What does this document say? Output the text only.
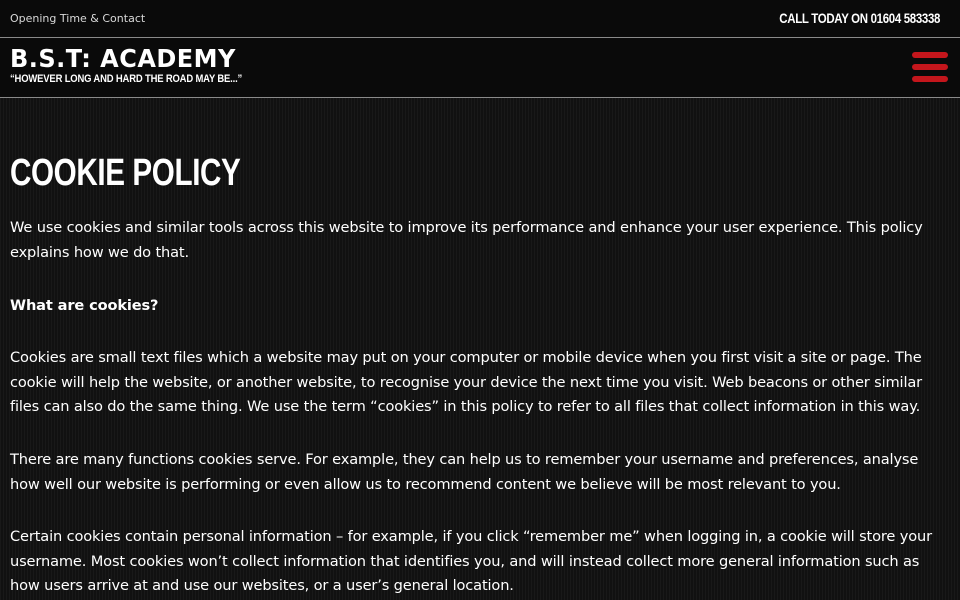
Opening Time & Contact	CALL TODAY ON 01604 583338
B.S.T: ACADEMY
“HOWEVER LONG AND HARD THE ROAD MAY BE...”
COOKIE POLICY

We use cookies and similar tools across this website to improve its performance and enhance your user experience. This policy explains how we do that.

What are cookies?

Cookies are small text files which a website may put on your computer or mobile device when you first visit a site or page. The cookie will help the website, or another website, to recognise your device the next time you visit. Web beacons or other similar files can also do the same thing. We use the term “cookies” in this policy to refer to all files that collect information in this way.

There are many functions cookies serve. For example, they can help us to remember your username and preferences, analyse how well our website is performing or even allow us to recommend content we believe will be most relevant to you.

Certain cookies contain personal information – for example, if you click “remember me” when logging in, a cookie will store your username. Most cookies won’t collect information that identifies you, and will instead collect more general information such as how users arrive at and use our websites, or a user’s general location.
